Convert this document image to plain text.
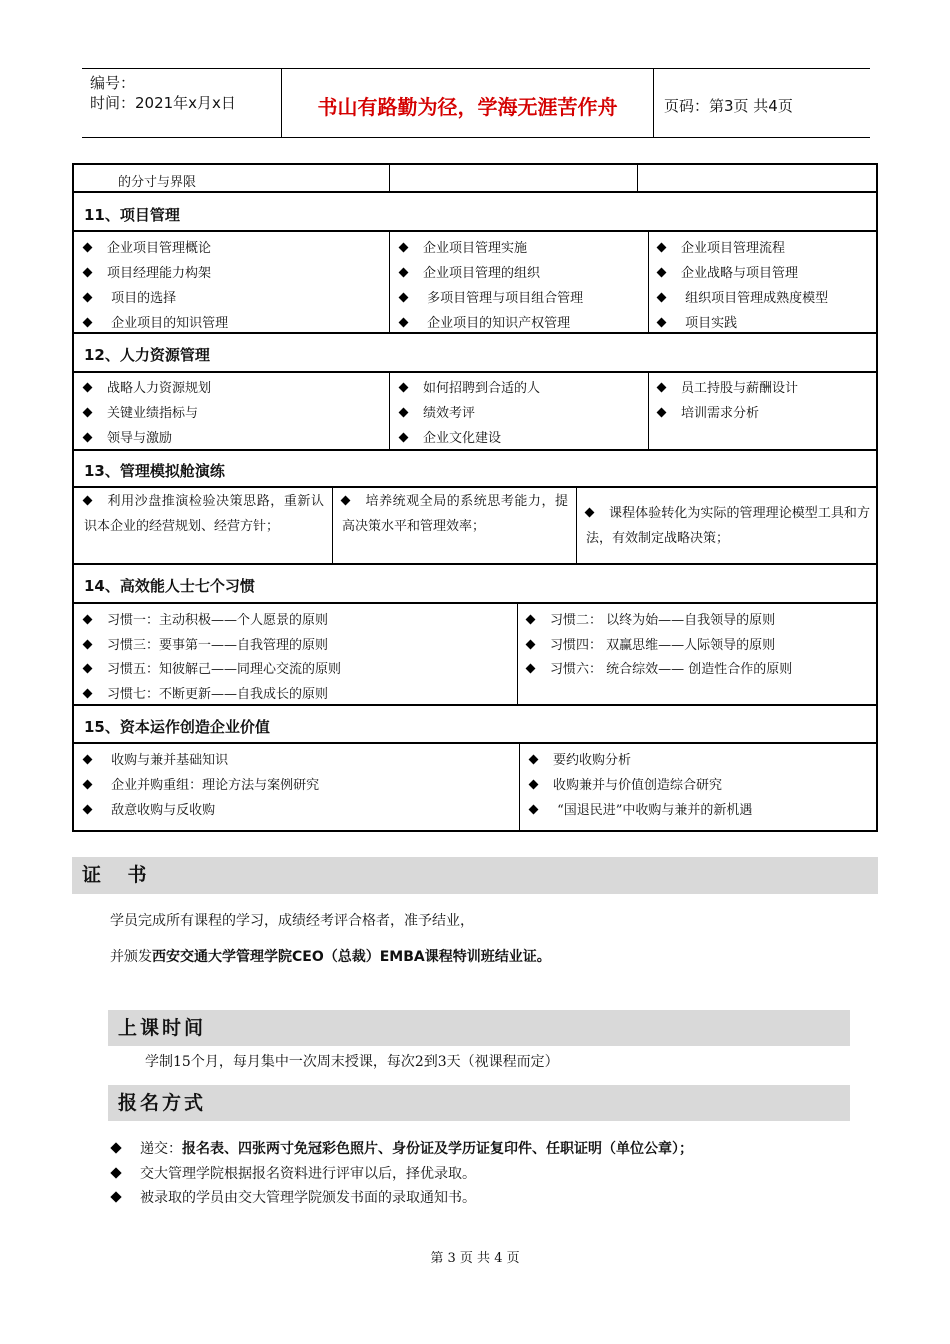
编号：
时间：2021年x月x日	书山有路勤为径，学海无涯苦作舟	页码：第3页 共4页
的分寸与界限
11、项目管理
企业项目管理概论
项目经理能力构架
项目的选择
企业项目的知识管理
企业项目管理实施
企业项目管理的组织
多项目管理与项目组合管理
企业项目的知识产权管理
企业项目管理流程
企业战略与项目管理
组织项目管理成熟度模型
项目实践
12、人力资源管理
战略人力资源规划
关键业绩指标与
领导与激励
如何招聘到合适的人
绩效考评
企业文化建设
员工持股与薪酬设计
培训需求分析
13、管理模拟舱演练
利用沙盘推演检验决策思路，重新认识本企业的经营规划、经营方针；
培养统观全局的系统思考能力，提高决策水平和管理效率；
课程体验转化为实际的管理理论模型工具和方法，有效制定战略决策；
14、高效能人士七个习惯
习惯一：主动积极——个人愿景的原则
习惯三：要事第一——自我管理的原则
习惯五：知彼解己——同理心交流的原则
习惯七：不断更新——自我成长的原则
习惯二： 以终为始——自我领导的原则
习惯四： 双赢思维——人际领导的原则
习惯六： 统合综效—— 创造性合作的原则
15、资本运作创造企业价值
收购与兼并基础知识
企业并购重组：理论方法与案例研究
敌意收购与反收购
要约收购分析
收购兼并与价值创造综合研究
“国退民进”中收购与兼并的新机遇
证    书
学员完成所有课程的学习，成绩经考评合格者，准予结业，
并颁发西安交通大学管理学院CEO（总裁）EMBA课程特训班结业证。
上课时间
学制15个月，每月集中一次周末授课，每次2到3天（视课程而定）
报名方式
递交：报名表、四张两寸免冠彩色照片、身份证及学历证复印件、任职证明（单位公章）；
交大管理学院根据报名资料进行评审以后，择优录取。
被录取的学员由交大管理学院颁发书面的录取通知书。
第 3 页 共 4 页
